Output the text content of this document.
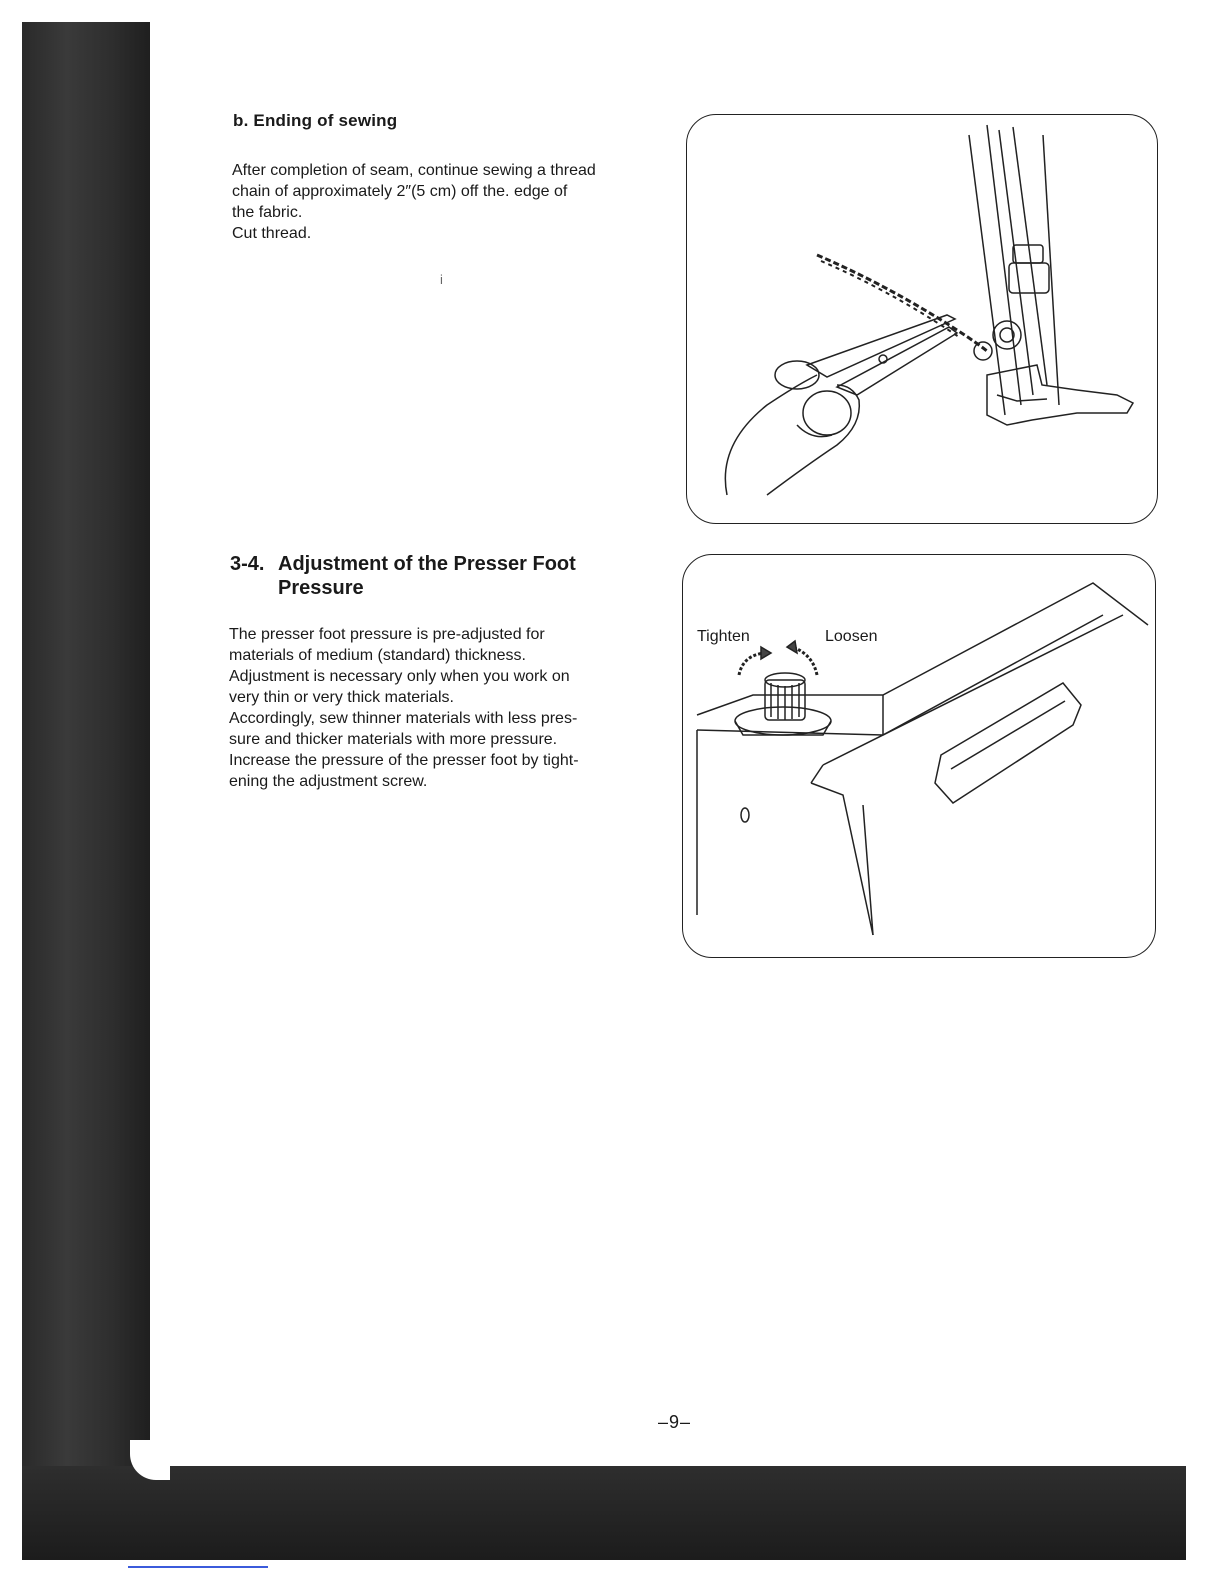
b. Ending of sewing

After completion of seam, continue sewing a thread

chain of approximately 2″(5 cm) off the. edge of

the fabric.

Cut thread.

i
3-4. Adjustment of the Presser Foot
Pressure

The presser foot pressure is pre-adjusted for

materials of medium (standard) thickness.

Adjustment is necessary only when you work on

very thin or very thick materials.

Accordingly, sew thinner materials with less pres-

sure and thicker materials with more pressure.

Increase the pressure of the presser foot by tight-

ening the adjustment screw.

Tighten	Loosen
–9–
